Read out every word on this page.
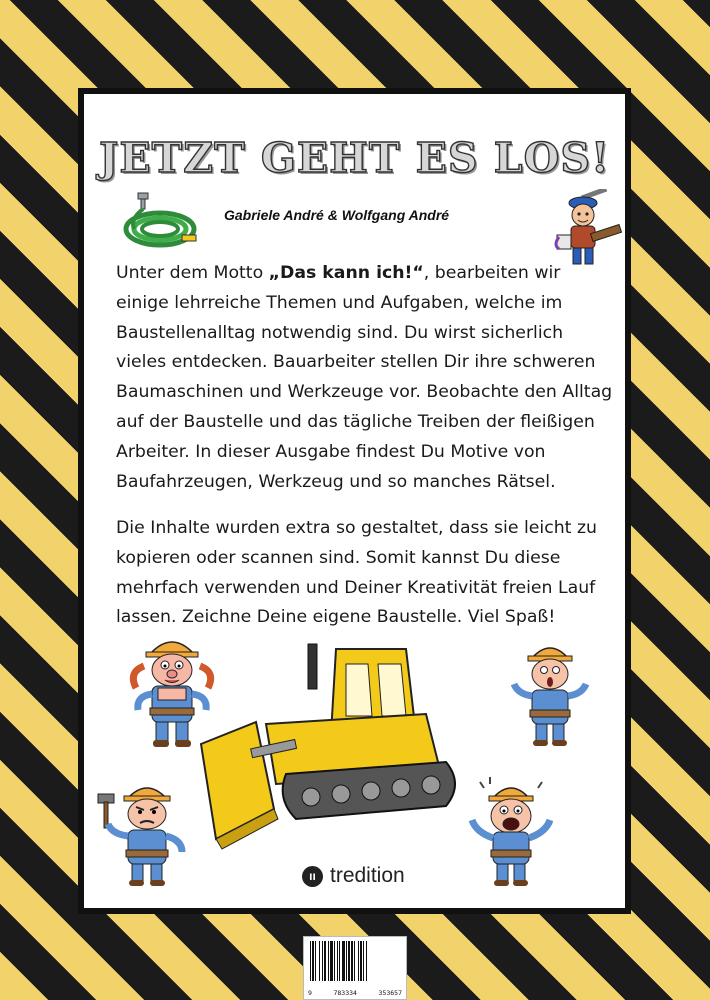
JETZT GEHT ES LOS!
Gabriele André & Wolfgang André

Unter dem Motto „Das kann ich!“, bearbeiten wir einige lehrreiche Themen und Aufgaben, welche im Baustellenalltag notwendig sind. Du wirst sicherlich vieles entdecken. Bauarbeiter stellen Dir ihre schweren Baumaschinen und Werkzeuge vor. Beobachte den Alltag auf der Baustelle und das tägliche Treiben der fleißigen Arbeiter. In dieser Ausgabe findest Du Motive von Baufahrzeugen, Werkzeug und so manches Rätsel.

Die Inhalte wurden extra so gestaltet, dass sie leicht zu kopieren oder scannen sind. Somit kannst Du diese mehrfach verwenden und Deiner Kreativität freien Lauf lassen. Zeichne Deine eigene Baustelle. Viel Spaß!

ıı tredition
9	783334	353657
